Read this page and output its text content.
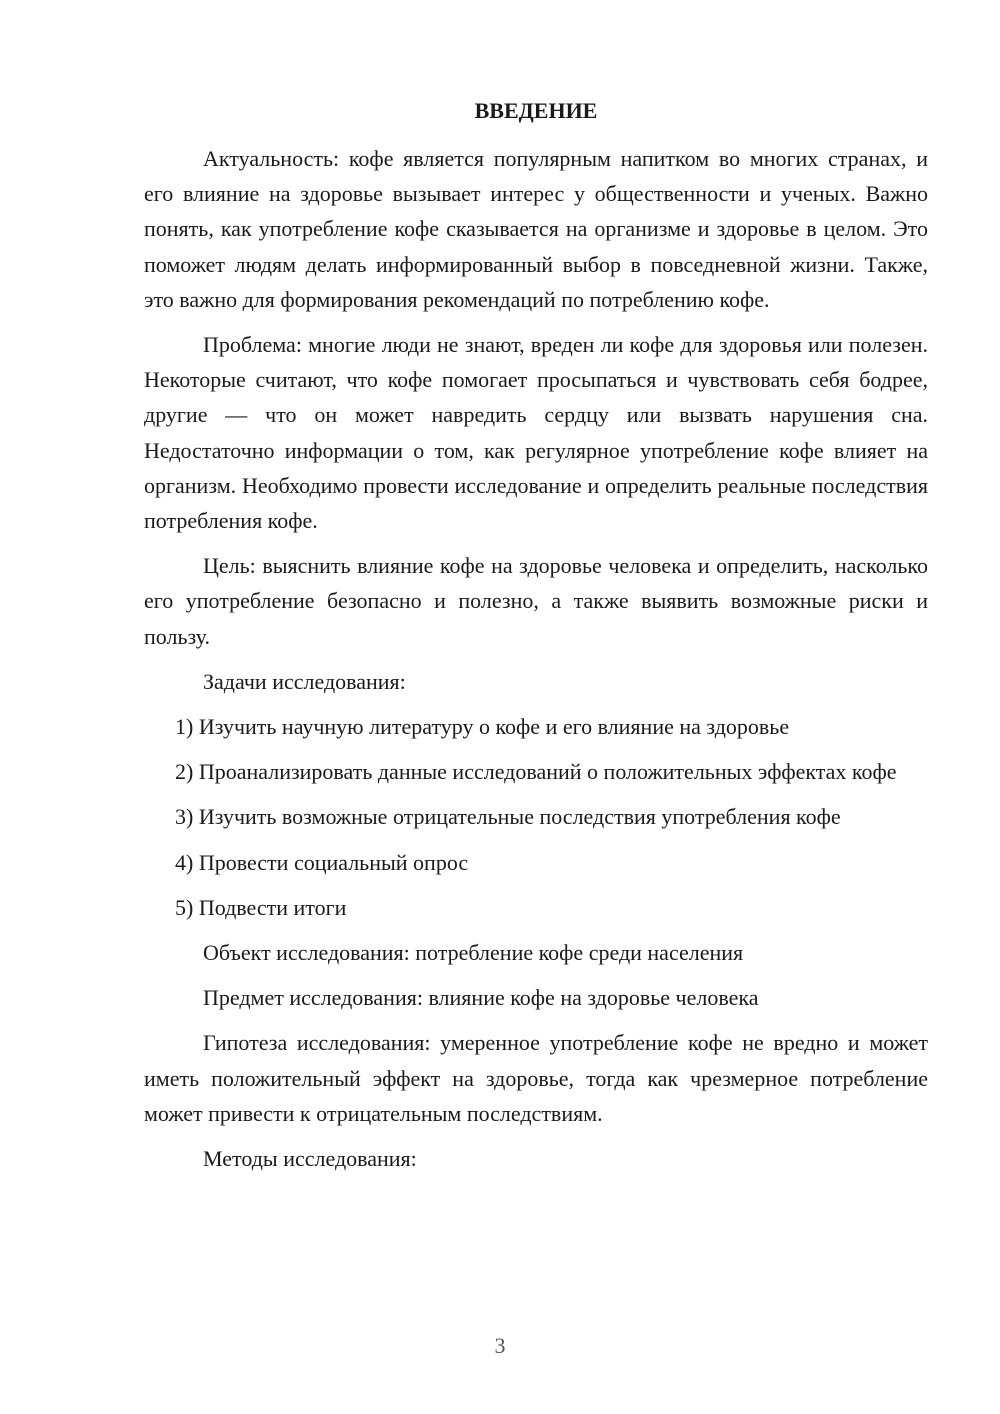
ВВЕДЕНИЕ

Актуальность: кофе является популярным напитком во многих странах, и его влияние на здоровье вызывает интерес у общественности и ученых. Важно понять, как употребление кофе сказывается на организме и здоровье в целом. Это поможет людям делать информированный выбор в повседневной жизни. Также, это важно для формирования рекомендаций по потреблению кофе.

Проблема: многие люди не знают, вреден ли кофе для здоровья или полезен. Некоторые считают, что кофе помогает просыпаться и чувствовать себя бодрее, другие — что он может навредить сердцу или вызвать нарушения сна. Недостаточно информации о том, как регулярное употребление кофе влияет на организм. Необходимо провести исследование и определить реальные последствия потребления кофе.

Цель: выяснить влияние кофе на здоровье человека и определить, насколько его употребление безопасно и полезно, а также выявить возможные риски и пользу.

Задачи исследования:

1) Изучить научную литературу о кофе и его влияние на здоровье

2) Проанализировать данные исследований о положительных эффектах кофе

3) Изучить возможные отрицательные последствия употребления кофе

4) Провести социальный опрос

5) Подвести итоги

Объект исследования: потребление кофе среди населения

Предмет исследования: влияние кофе на здоровье человека

Гипотеза исследования: умеренное употребление кофе не вредно и может иметь положительный эффект на здоровье, тогда как чрезмерное потребление может привести к отрицательным последствиям.

Методы исследования:

3
